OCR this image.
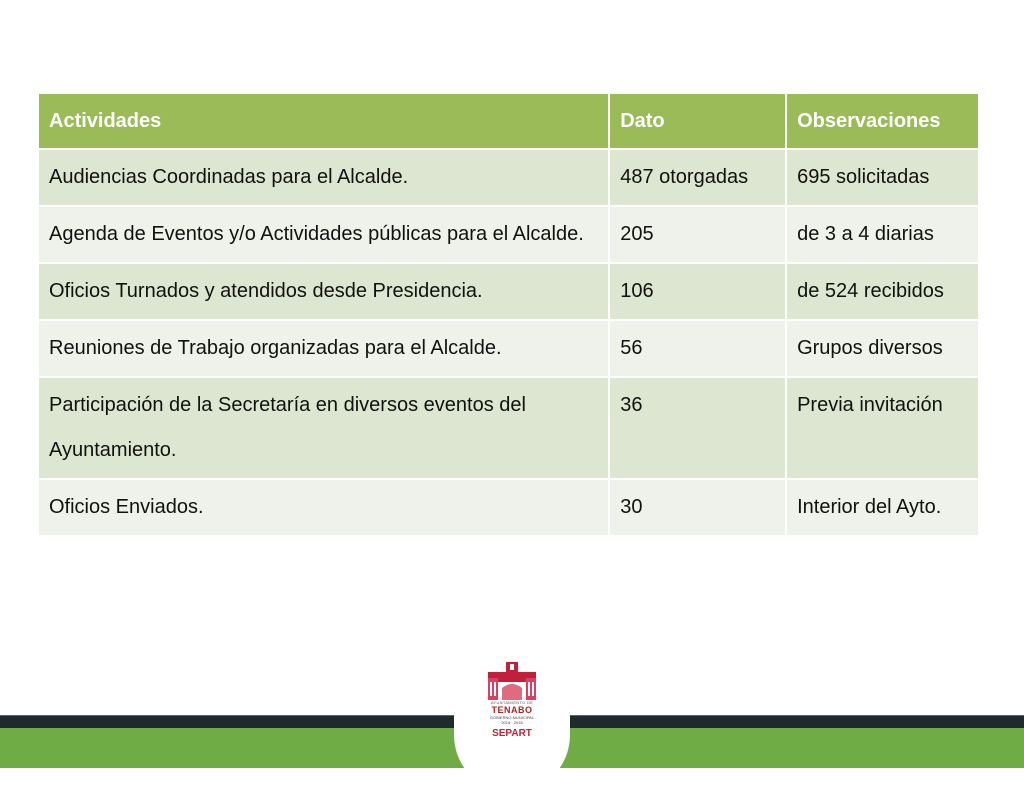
Actividades	Dato	Observaciones
Audiencias Coordinadas para el Alcalde.	487 otorgadas	695 solicitadas
Agenda de Eventos y/o Actividades públicas para el Alcalde.	205	de 3 a 4 diarias
Oficios Turnados y atendidos desde Presidencia.	106	de 524 recibidos
Reuniones de Trabajo organizadas para el Alcalde.	56	Grupos diversos
Participación de la Secretaría en diversos eventos del Ayuntamiento.	36	Previa invitación
Oficios Enviados.	30	Interior del Ayto.
AYUNTAMIENTO DE
TENABO
GOBIERNO MUNICIPAL
2015 · 2018
SEPART
